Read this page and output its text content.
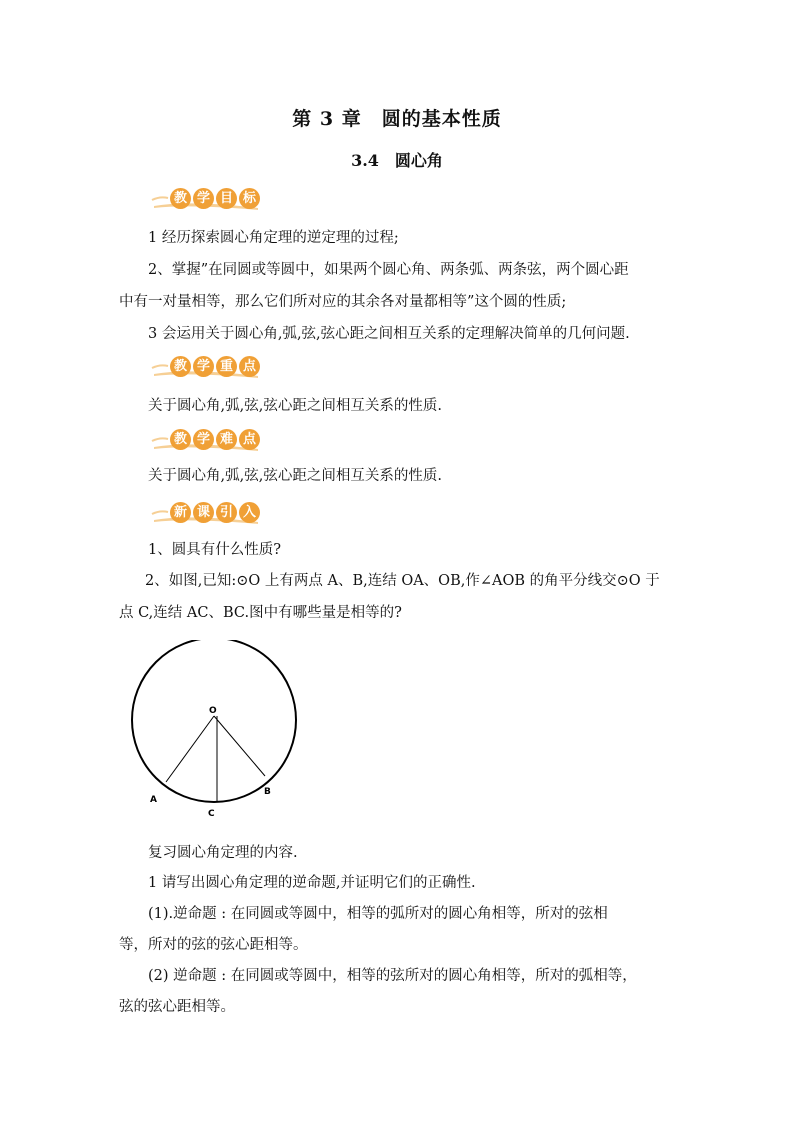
第 3 章　圆的基本性质
3.4　圆心角
教 学 目 标
1 经历探索圆心角定理的逆定理的过程;
2、掌握”在同圆或等圆中，如果两个圆心角、两条弧、两条弦，两个圆心距
中有一对量相等，那么它们所对应的其余各对量都相等”这个圆的性质;
3 会运用关于圆心角,弧,弦,弦心距之间相互关系的定理解决简单的几何问题.
教 学 重 点
关于圆心角,弧,弦,弦心距之间相互关系的性质.
教 学 难 点
关于圆心角,弧,弦,弦心距之间相互关系的性质.
新 课 引 入
1、圆具有什么性质?
2、如图,已知:⊙O 上有两点 A、B,连结 OA、OB,作∠AOB 的角平分线交⊙O 于
点 C,连结 AC、BC.图中有哪些量是相等的?
O
A
B
C
复习圆心角定理的内容.
1 请写出圆心角定理的逆命题,并证明它们的正确性.
(1).逆命题 : 在同圆或等圆中，相等的弧所对的圆心角相等，所对的弦相
等，所对的弦的弦心距相等。
(2) 逆命题 : 在同圆或等圆中，相等的弦所对的圆心角相等，所对的弧相等，
弦的弦心距相等。
